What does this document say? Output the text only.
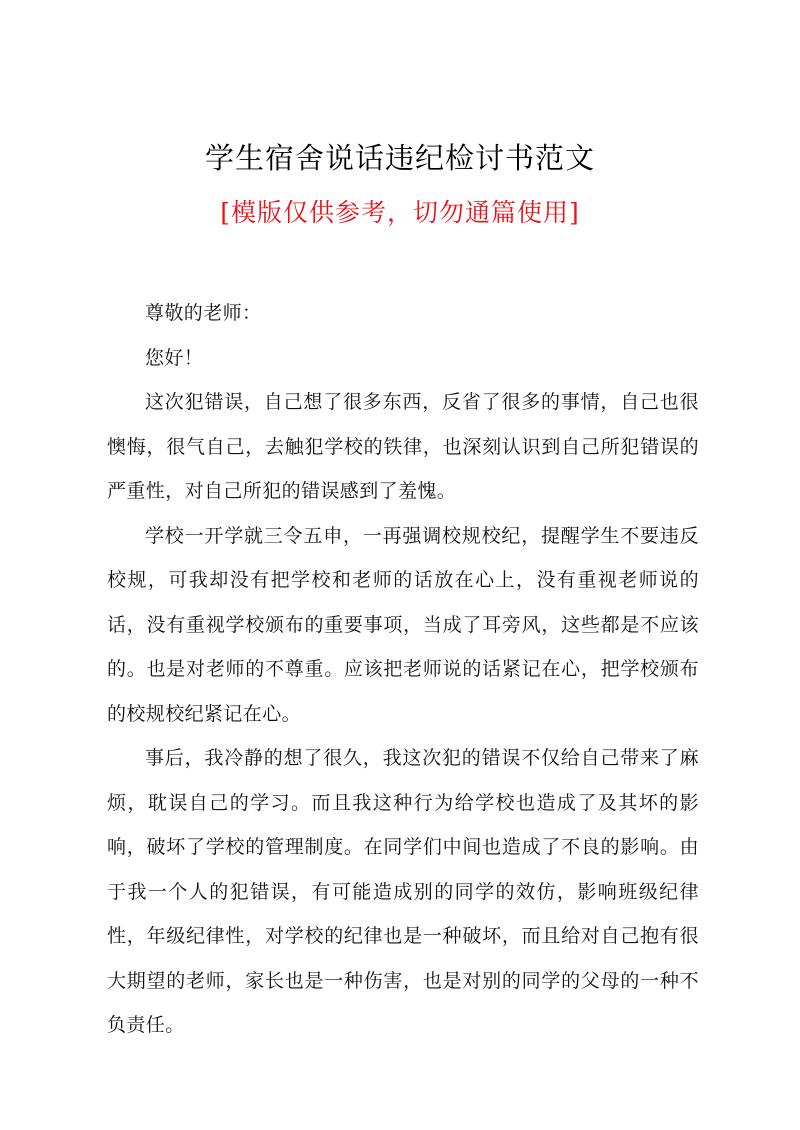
学生宿舍说话违纪检讨书范文
[模版仅供参考，切勿通篇使用]

尊敬的老师：

您好！

这次犯错误，自己想了很多东西，反省了很多的事情，自己也很懊悔，很气自己，去触犯学校的铁律，也深刻认识到自己所犯错误的严重性，对自己所犯的错误感到了羞愧。

学校一开学就三令五申，一再强调校规校纪，提醒学生不要违反校规，可我却没有把学校和老师的话放在心上，没有重视老师说的话，没有重视学校颁布的重要事项，当成了耳旁风，这些都是不应该的。也是对老师的不尊重。应该把老师说的话紧记在心，把学校颁布的校规校纪紧记在心。

事后，我冷静的想了很久，我这次犯的错误不仅给自己带来了麻烦，耽误自己的学习。而且我这种行为给学校也造成了及其坏的影响，破坏了学校的管理制度。在同学们中间也造成了不良的影响。由于我一个人的犯错误，有可能造成别的同学的效仿，影响班级纪律性，年级纪律性，对学校的纪律也是一种破坏，而且给对自己抱有很大期望的老师，家长也是一种伤害，也是对别的同学的父母的一种不负责任。
